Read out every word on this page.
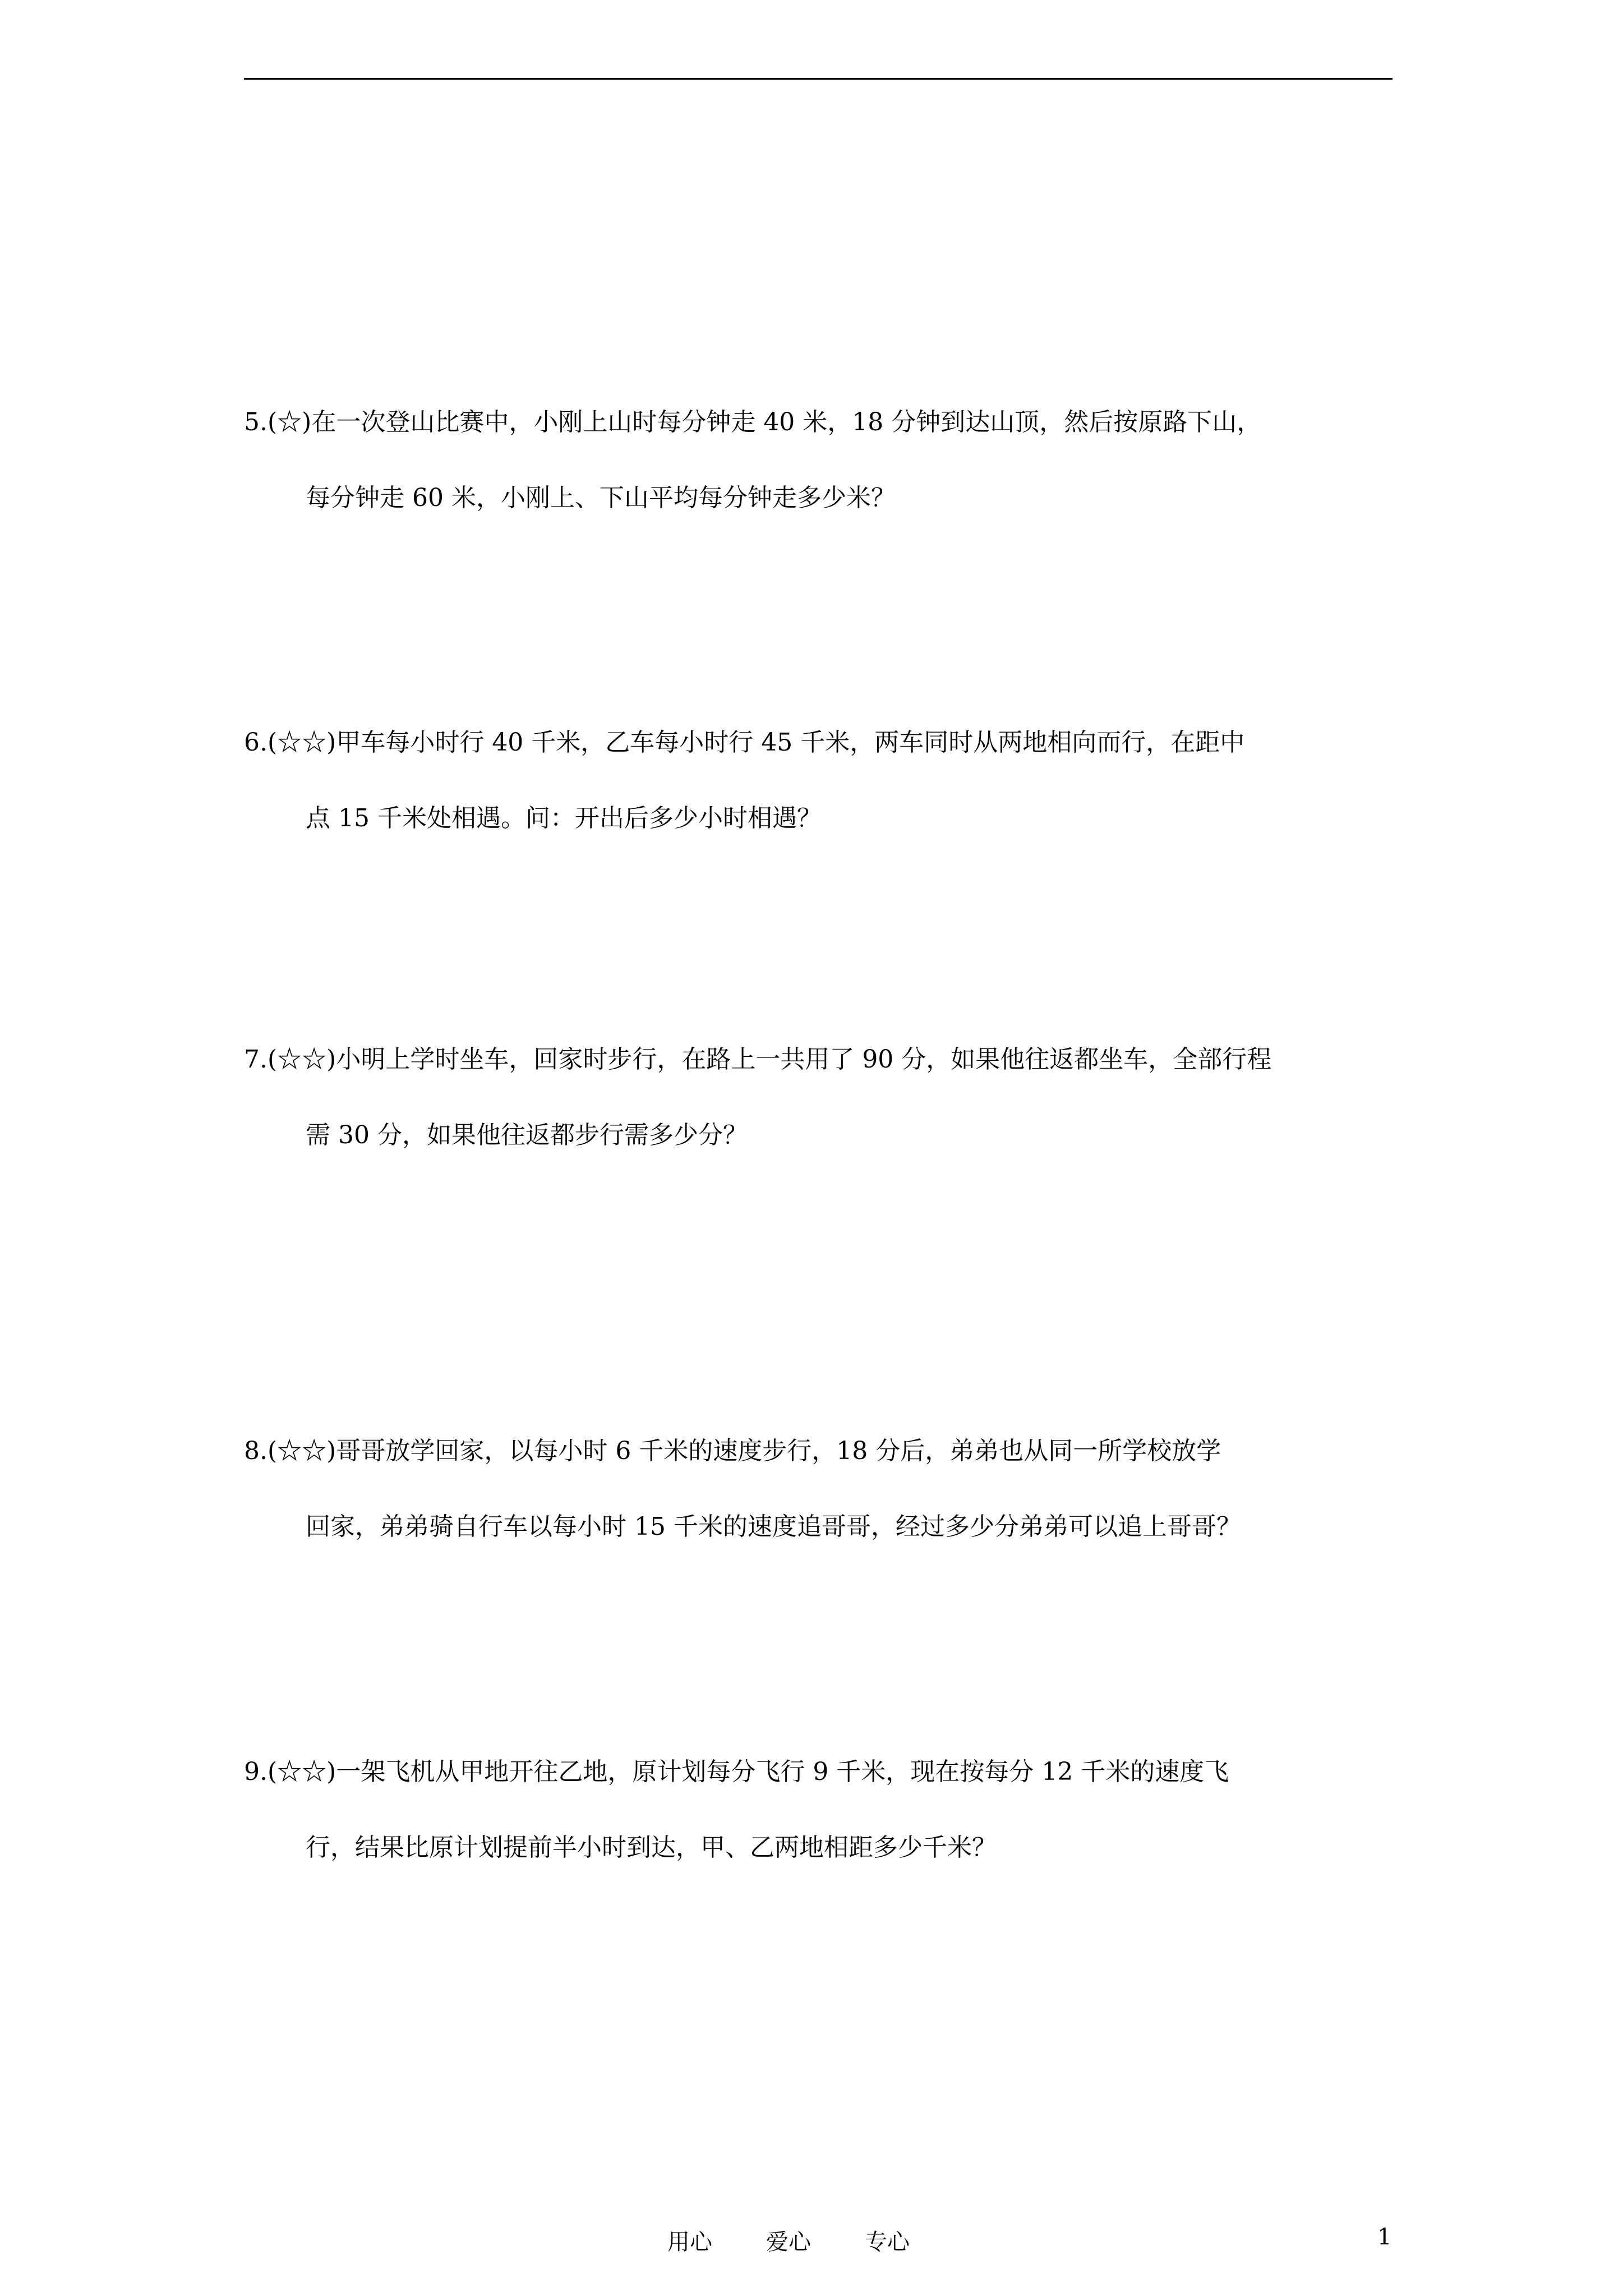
5.(☆)在一次登山比赛中，小刚上山时每分钟走 40 米，18 分钟到达山顶，然后按原路下山，
每分钟走 60 米，小刚上、下山平均每分钟走多少米？
6.(☆☆)甲车每小时行 40 千米，乙车每小时行 45 千米，两车同时从两地相向而行，在距中
点 15 千米处相遇。问：开出后多少小时相遇？
7.(☆☆)小明上学时坐车，回家时步行，在路上一共用了 90 分，如果他往返都坐车，全部行程
需 30 分，如果他往返都步行需多少分？
8.(☆☆)哥哥放学回家，以每小时 6 千米的速度步行，18 分后，弟弟也从同一所学校放学
回家，弟弟骑自行车以每小时 15 千米的速度追哥哥，经过多少分弟弟可以追上哥哥？
9.(☆☆)一架飞机从甲地开往乙地，原计划每分飞行 9 千米，现在按每分 12 千米的速度飞
行，结果比原计划提前半小时到达，甲、乙两地相距多少千米？
用心 爱心 专心	1
